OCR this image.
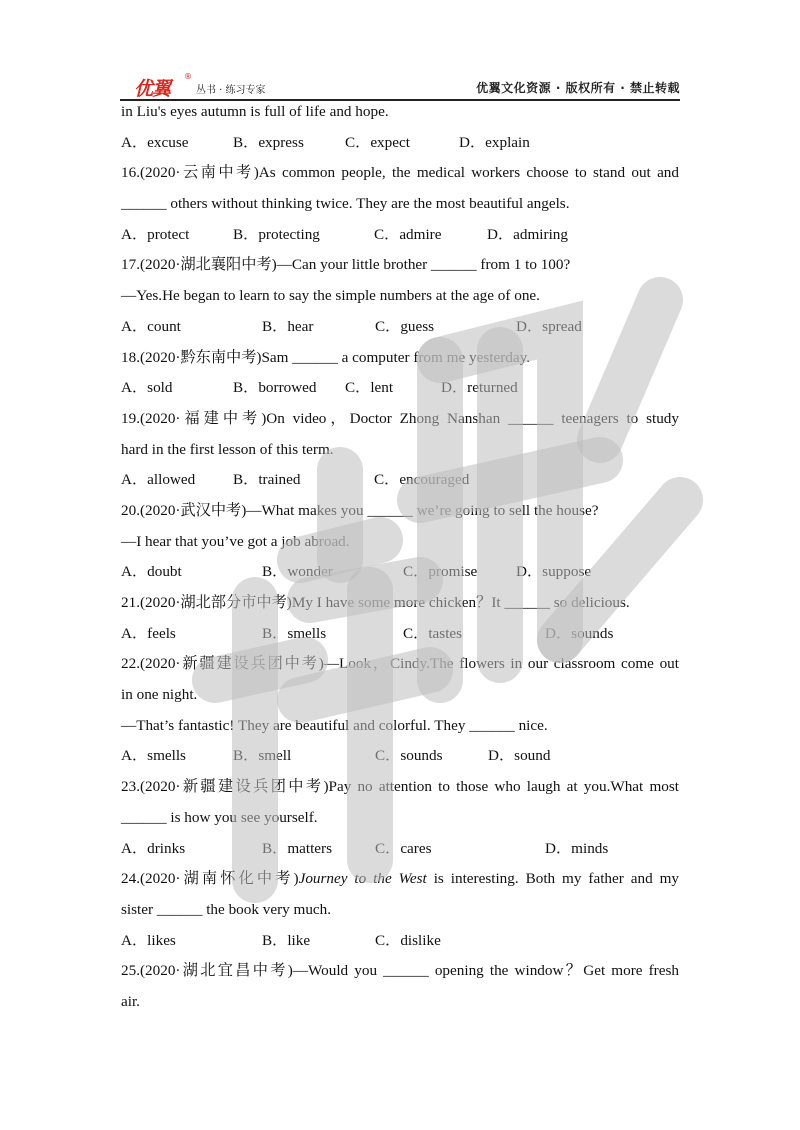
优翼
®
丛书 · 练习专家	优翼文化资源 · 版权所有 · 禁止转载
in Liu's eyes autumn is full of life and hope.
A．excuse	B．express	C．expect	D．explain
16.(2020·云南中考)As common people, the medical workers choose to stand out and
______ others without thinking twice. They are the most beautiful angels.
A．protect	B．protecting	C．admire	D．admiring
17.(2020·湖北襄阳中考)—Can your little brother ______ from 1 to 100?
—Yes.He began to learn to say the simple numbers at the age of one.
A．count	B．hear	C．guess	D．spread
18.(2020·黔东南中考)Sam ______ a computer from me yesterday.
A．sold	B．borrowed	C．lent	D．returned
19.(2020·福建中考)On video，Doctor Zhong Nanshan ______ teenagers to study
hard in the first lesson of this term.
A．allowed	B．trained	C．encouraged
20.(2020·武汉中考)—What makes you ______ we’re going to sell the house?
—I hear that you’ve got a job abroad.
A．doubt	B．wonder	C．promise	D．suppose
21.(2020·湖北部分市中考)My I have some more chicken？It ______ so delicious.
A．feels	B．smells	C．tastes	D．sounds
22.(2020·新疆建设兵团中考)—Look，Cindy.The flowers in our classroom come out
in one night.
—That’s fantastic! They are beautiful and colorful. They ______ nice.
A．smells	B．smell	C．sounds	D．sound
23.(2020·新疆建设兵团中考)Pay no attention to those who laugh at you.What most
______ is how you see yourself.
A．drinks	B．matters	C．cares	D．minds
24.(2020·湖南怀化中考)Journey to the West is interesting. Both my father and my
sister ______ the book very much.
A．likes	B．like	C．dislike
25.(2020·湖北宜昌中考)—Would you ______ opening the window？Get more fresh
air.
